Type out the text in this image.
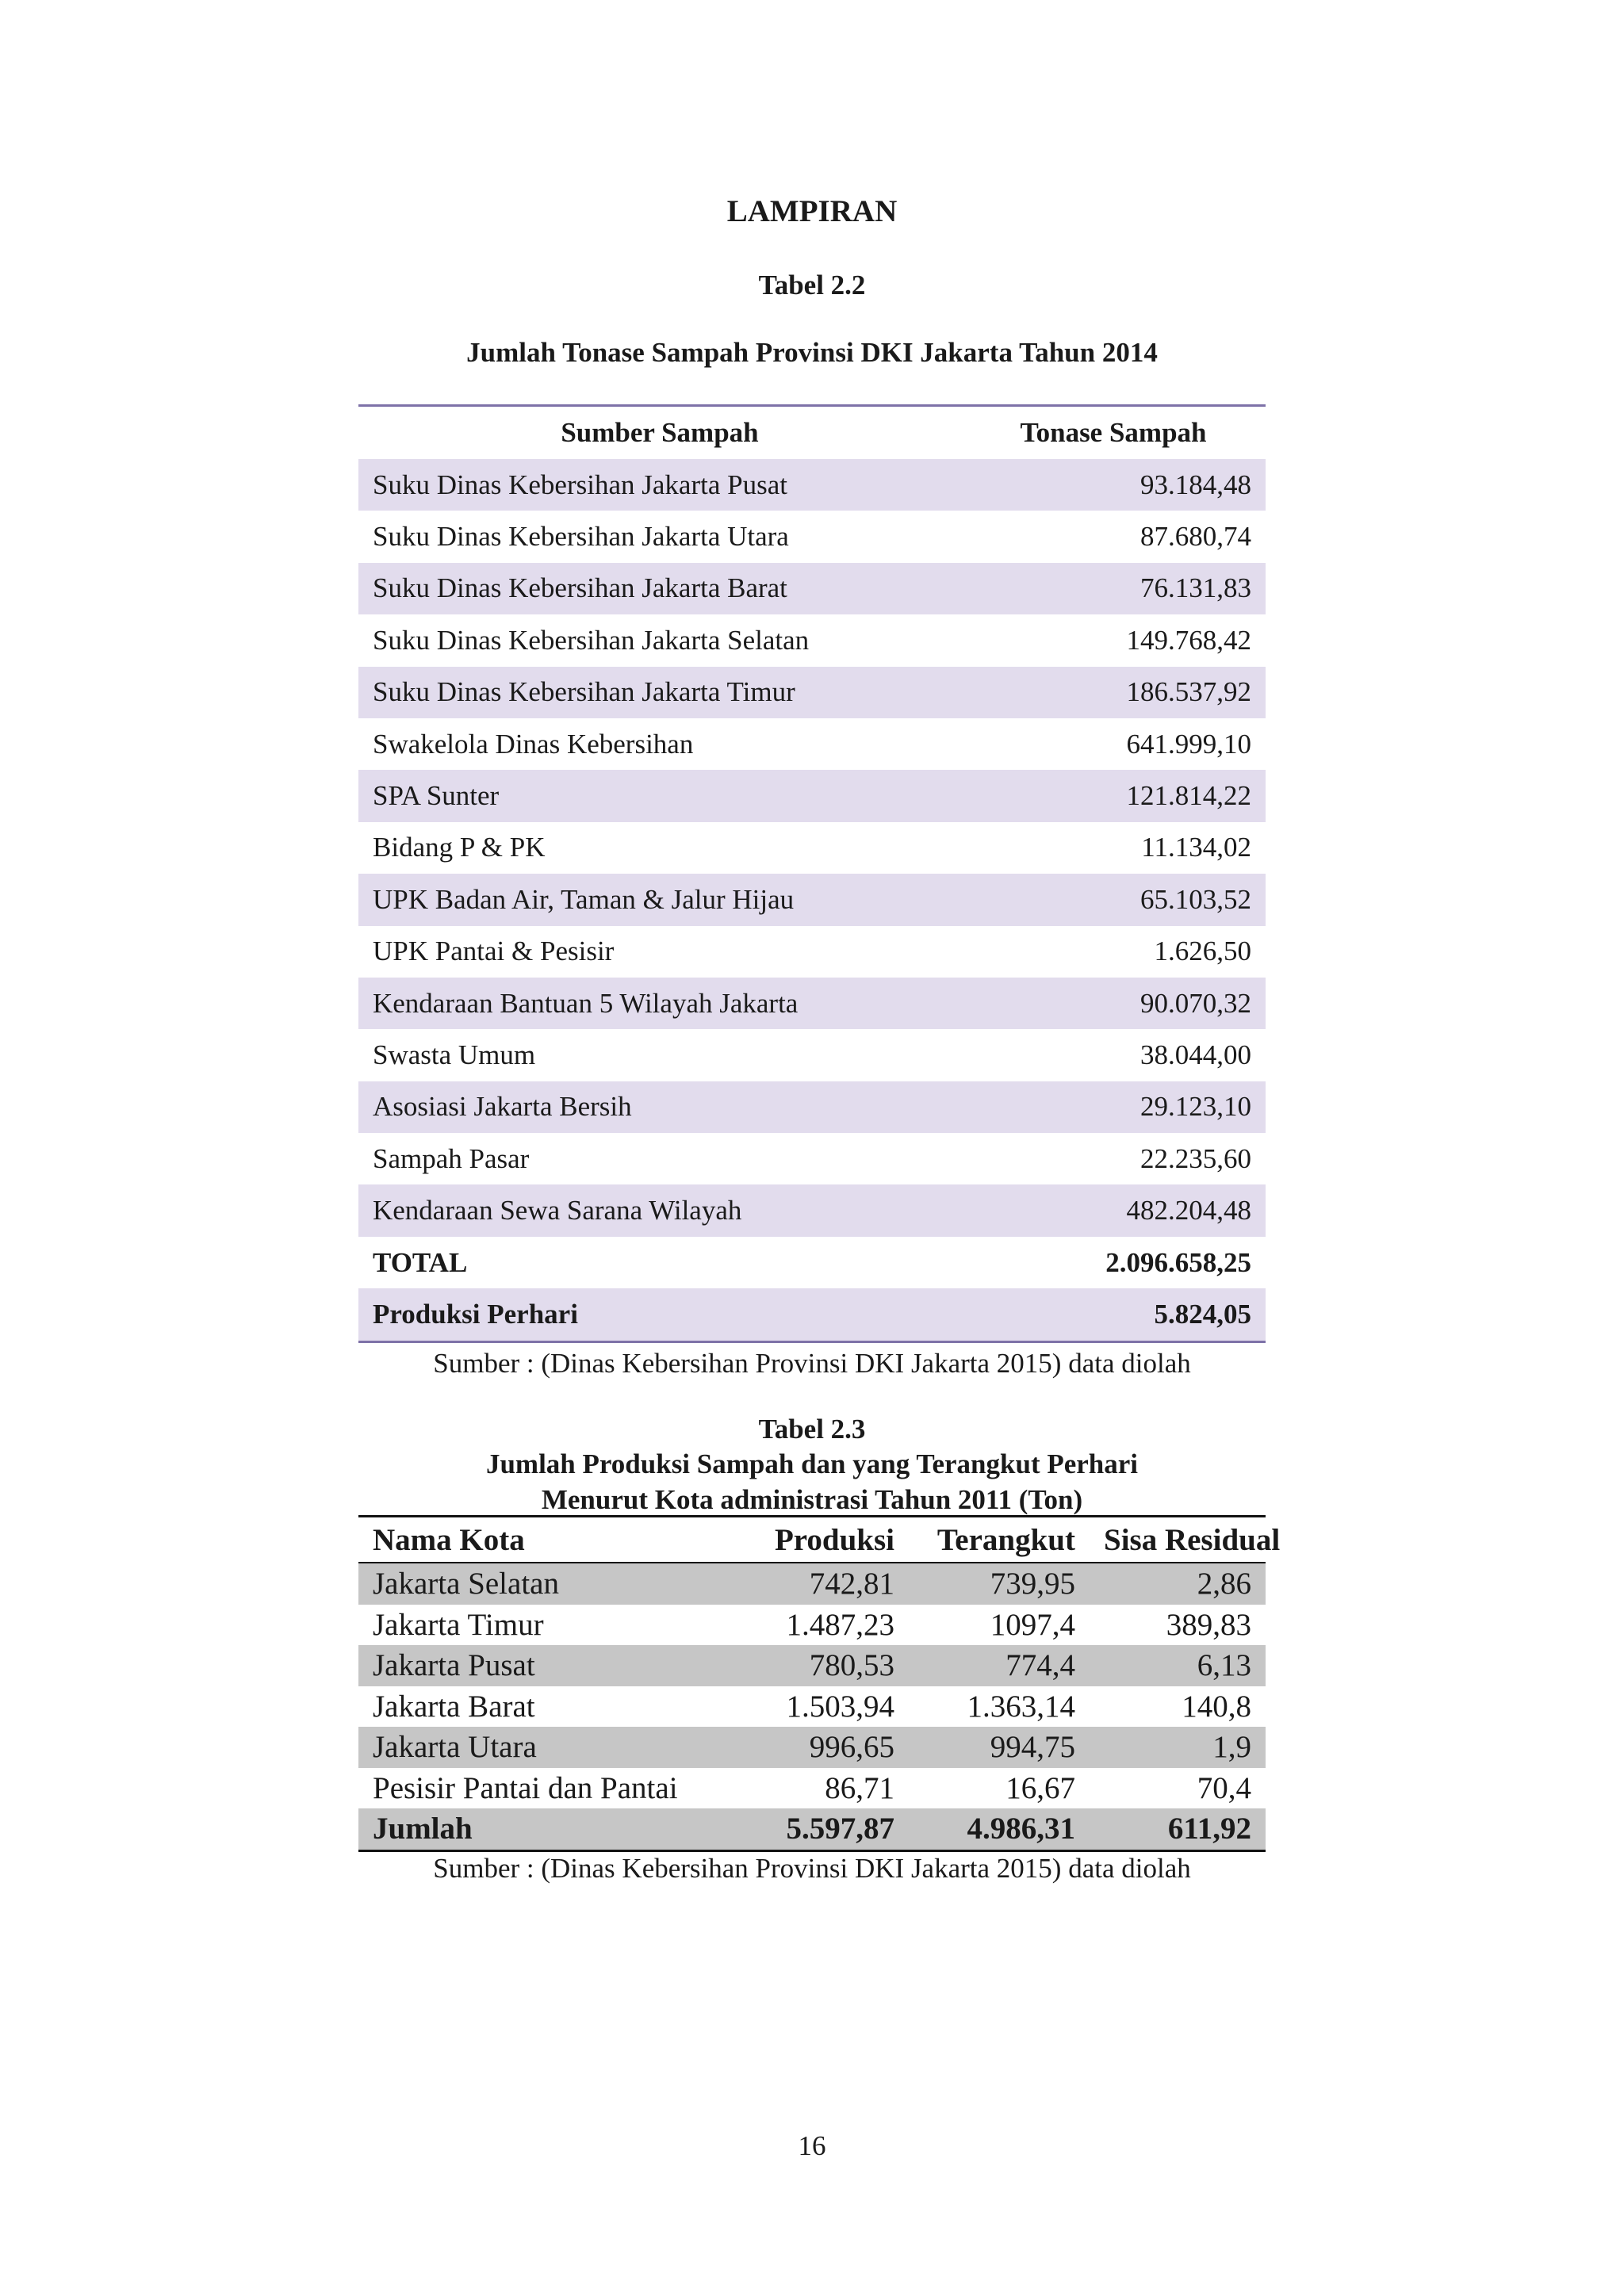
LAMPIRAN
Tabel 2.2
Jumlah Tonase Sampah Provinsi DKI Jakarta Tahun 2014
Sumber Sampah	Tonase Sampah
Suku Dinas Kebersihan Jakarta Pusat	93.184,48
Suku Dinas Kebersihan Jakarta Utara	87.680,74
Suku Dinas Kebersihan Jakarta Barat	76.131,83
Suku Dinas Kebersihan Jakarta Selatan	149.768,42
Suku Dinas Kebersihan Jakarta Timur	186.537,92
Swakelola Dinas Kebersihan	641.999,10
SPA Sunter	121.814,22
Bidang P & PK	11.134,02
UPK Badan Air, Taman & Jalur Hijau	65.103,52
UPK Pantai & Pesisir	1.626,50
Kendaraan Bantuan 5 Wilayah Jakarta	90.070,32
Swasta Umum	38.044,00
Asosiasi Jakarta Bersih	29.123,10
Sampah Pasar	22.235,60
Kendaraan Sewa Sarana Wilayah	482.204,48
TOTAL	2.096.658,25
Produksi Perhari	5.824,05
Sumber : (Dinas Kebersihan Provinsi DKI Jakarta 2015) data diolah
Tabel 2.3
Jumlah Produksi Sampah dan yang Terangkut Perhari
Menurut Kota administrasi Tahun 2011 (Ton)
Nama Kota	Produksi	Terangkut	Sisa Residual
Jakarta Selatan	742,81	739,95	2,86
Jakarta Timur	1.487,23	1097,4	389,83
Jakarta Pusat	780,53	774,4	6,13
Jakarta Barat	1.503,94	1.363,14	140,8
Jakarta Utara	996,65	994,75	1,9
Pesisir Pantai dan Pantai	86,71	16,67	70,4
Jumlah	5.597,87	4.986,31	611,92
Sumber : (Dinas Kebersihan Provinsi DKI Jakarta 2015) data diolah
16
